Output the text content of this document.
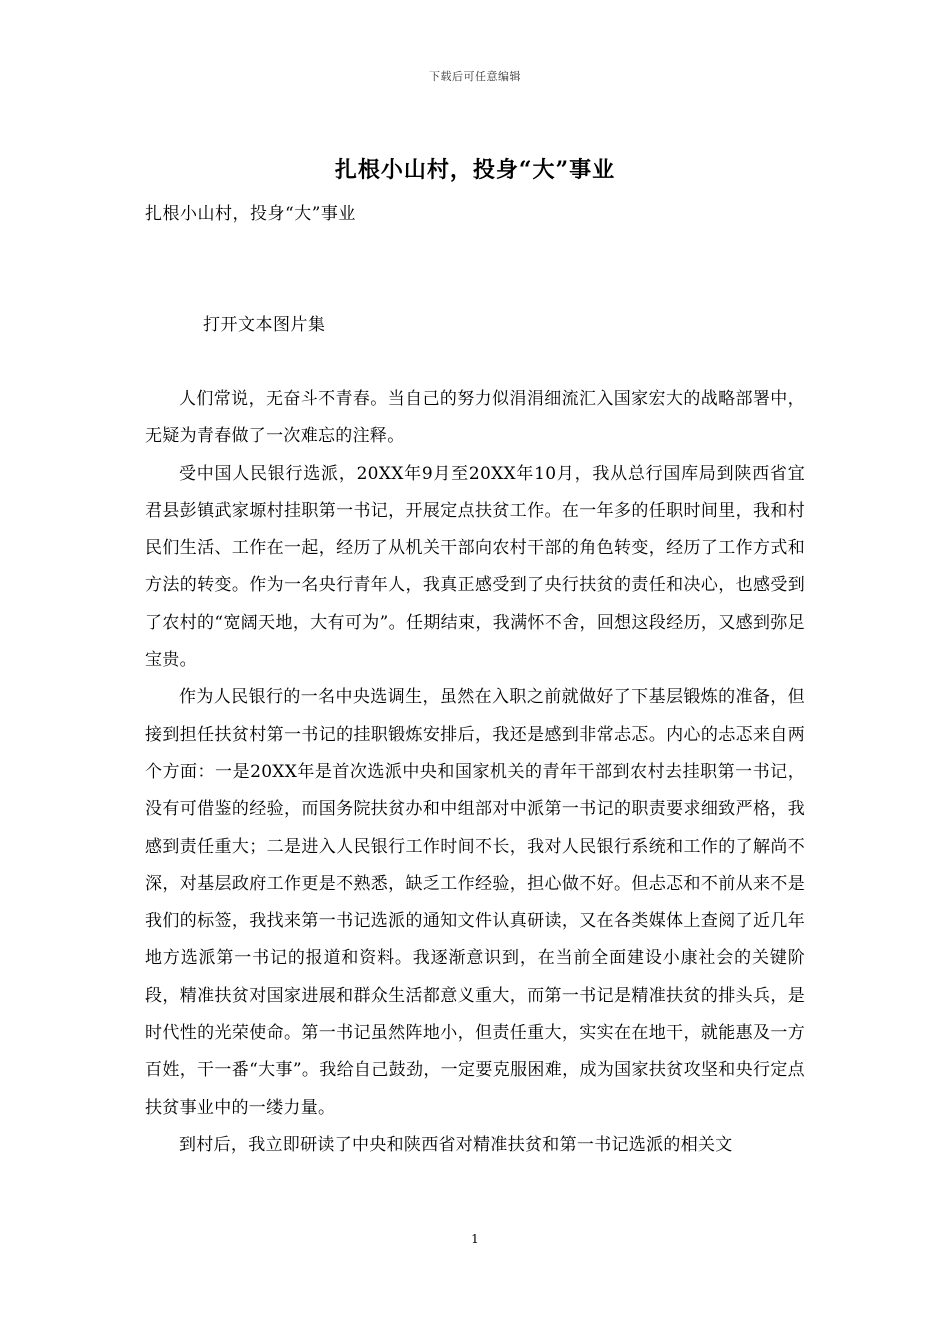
下载后可任意编辑
扎根小山村，投身“大”事业
扎根小山村，投身“大”事业
打开文本图片集

人们常说，无奋斗不青春。当自己的努力似涓涓细流汇入国家宏大的战略部署中，无疑为青春做了一次难忘的注释。

受中国人民银行选派，20XX年9月至20XX年10月，我从总行国库局到陕西省宜君县彭镇武家塬村挂职第一书记，开展定点扶贫工作。在一年多的任职时间里，我和村民们生活、工作在一起，经历了从机关干部向农村干部的角色转变，经历了工作方式和方法的转变。作为一名央行青年人，我真正感受到了央行扶贫的责任和决心，也感受到了农村的“宽阔天地，大有可为”。任期结束，我满怀不舍，回想这段经历，又感到弥足宝贵。

作为人民银行的一名中央选调生，虽然在入职之前就做好了下基层锻炼的准备，但接到担任扶贫村第一书记的挂职锻炼安排后，我还是感到非常忐忑。内心的忐忑来自两个方面：一是20XX年是首次选派中央和国家机关的青年干部到农村去挂职第一书记，没有可借鉴的经验，而国务院扶贫办和中组部对中派第一书记的职责要求细致严格，我感到责任重大；二是进入人民银行工作时间不长，我对人民银行系统和工作的了解尚不深，对基层政府工作更是不熟悉，缺乏工作经验，担心做不好。但忐忑和不前从来不是我们的标签，我找来第一书记选派的通知文件认真研读，又在各类媒体上查阅了近几年地方选派第一书记的报道和资料。我逐渐意识到，在当前全面建设小康社会的关键阶段，精准扶贫对国家进展和群众生活都意义重大，而第一书记是精准扶贫的排头兵，是时代性的光荣使命。第一书记虽然阵地小，但责任重大，实实在在地干，就能惠及一方百姓，干一番“大事”。我给自己鼓劲，一定要克服困难，成为国家扶贫攻坚和央行定点扶贫事业中的一缕力量。

到村后，我立即研读了中央和陕西省对精准扶贫和第一书记选派的相关文

1
